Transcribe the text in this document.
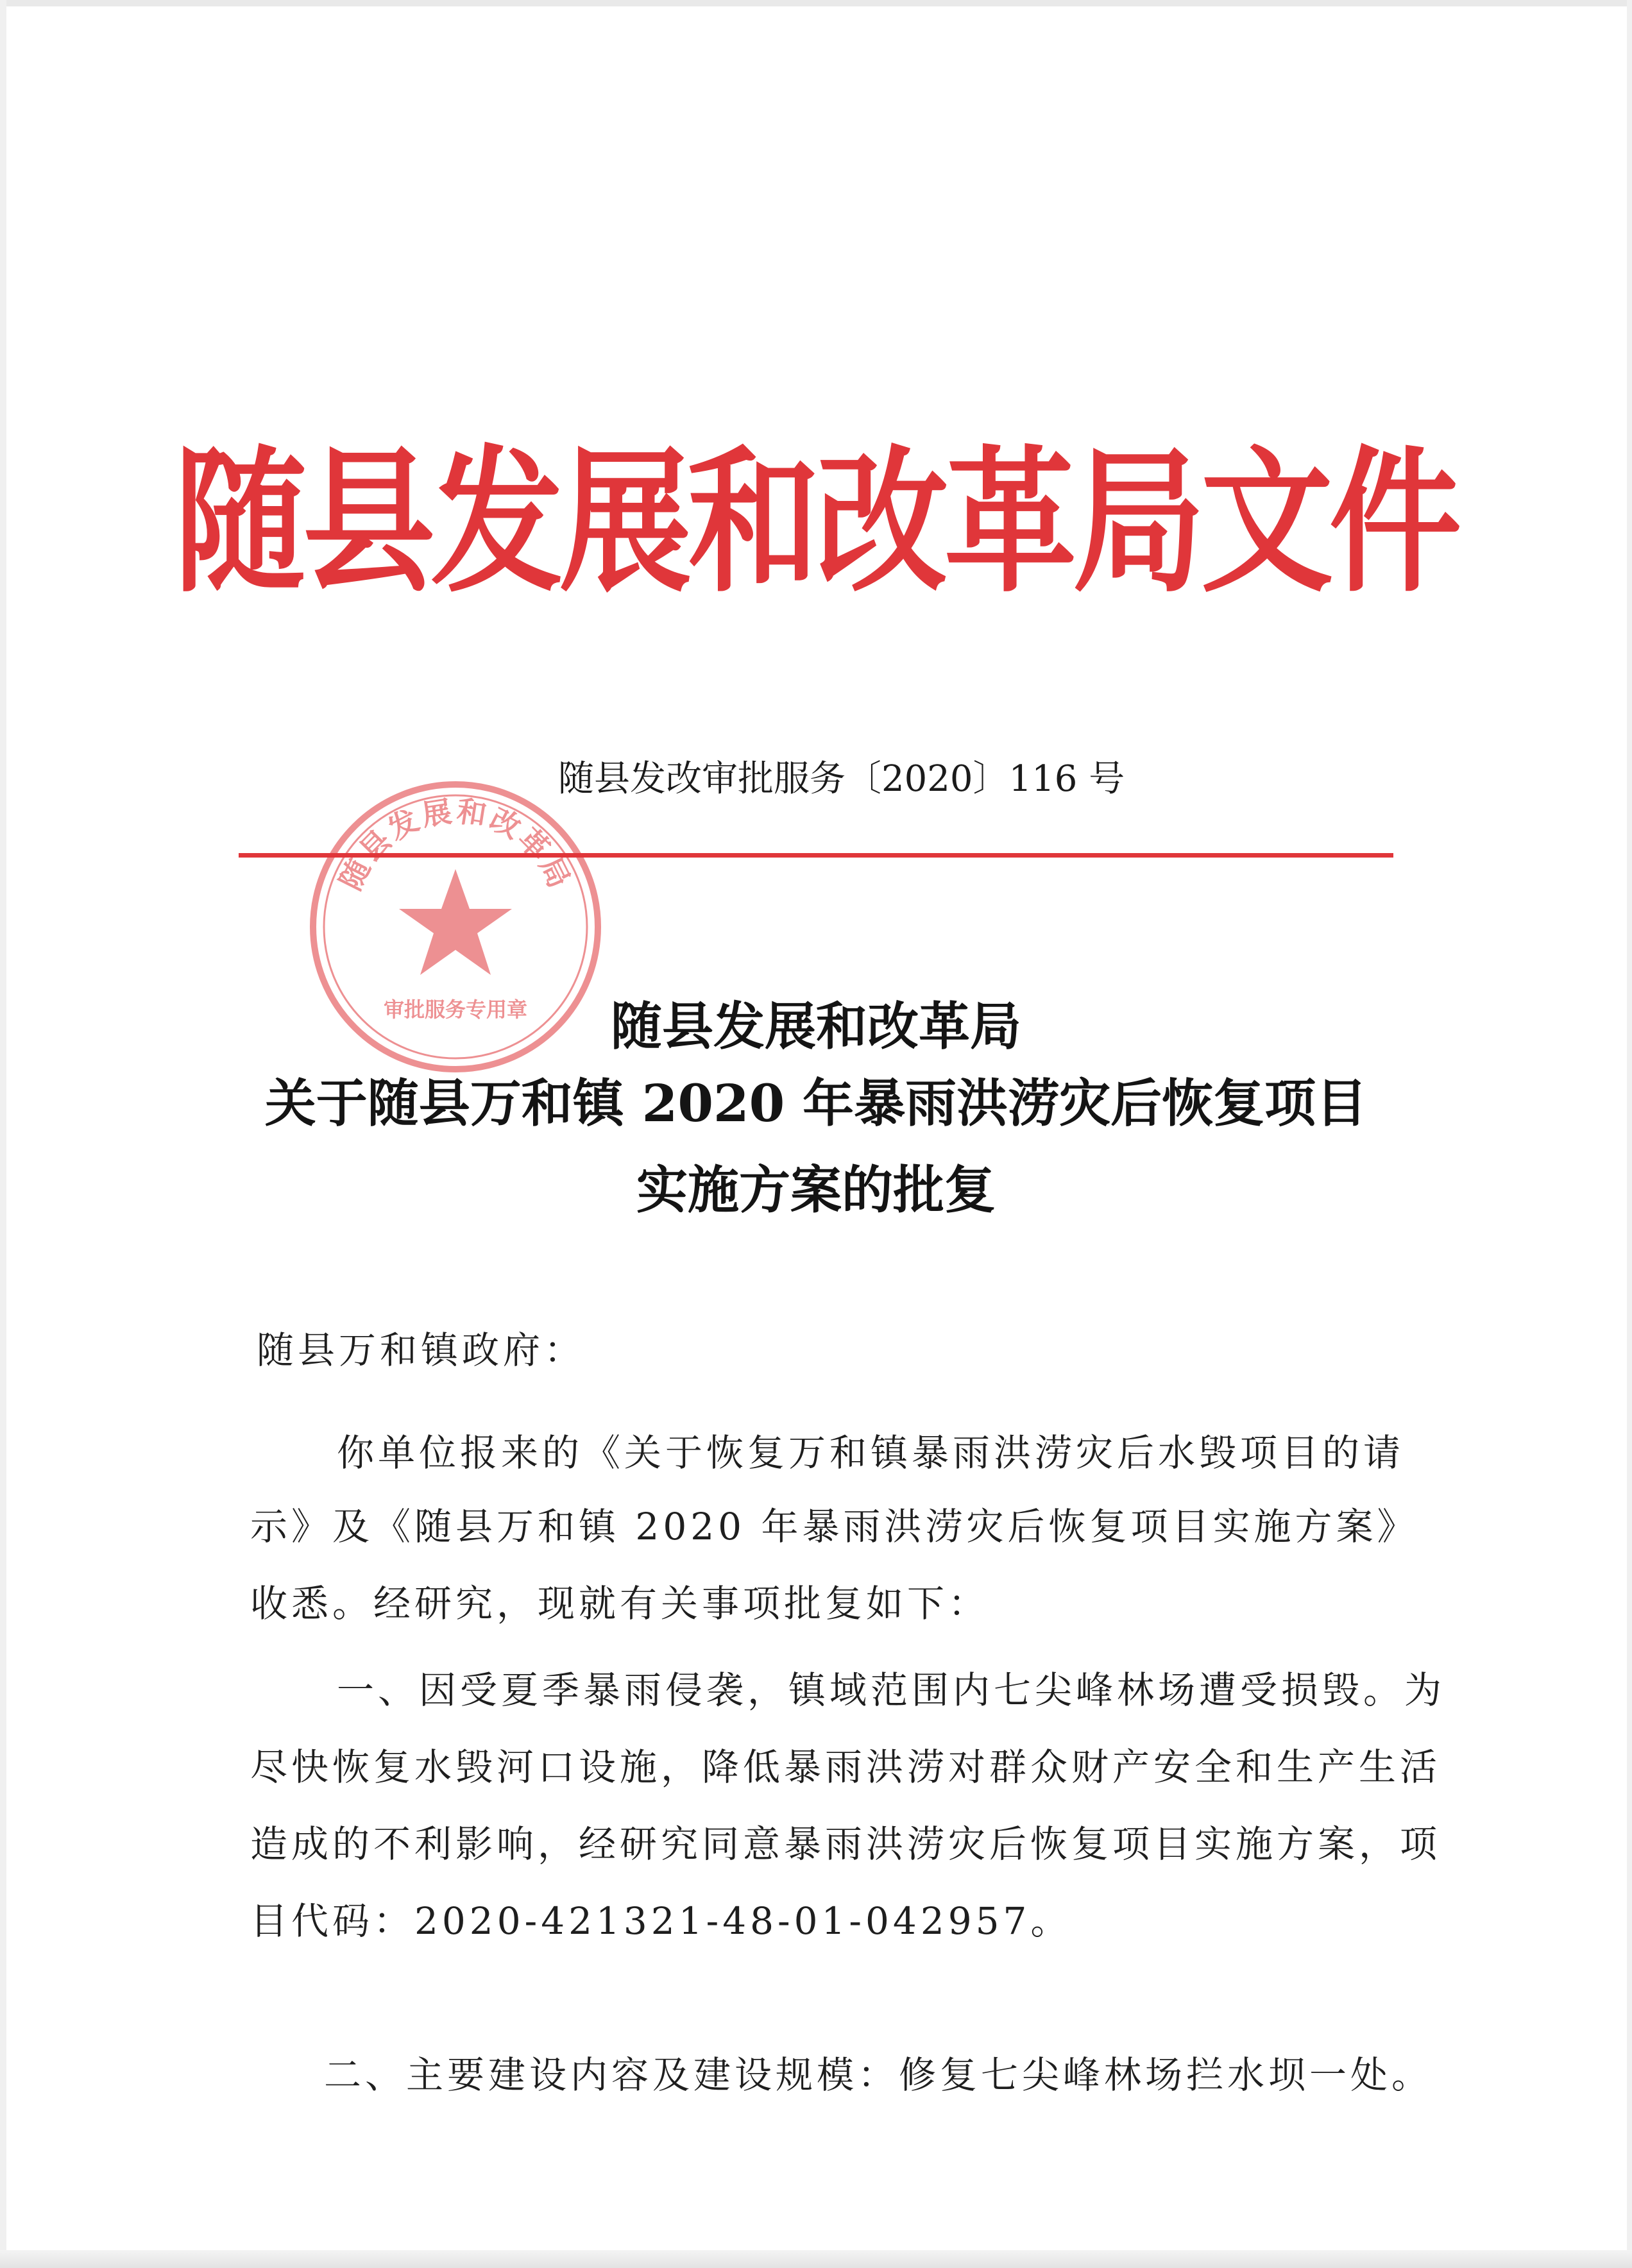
随县发展和改革局文件
随县发改审批服务〔2020〕116 号
随县发展和改革局
审批服务专用章	随县发展和改革局
关于随县万和镇 2020 年暴雨洪涝灾后恢复项目
实施方案的批复
随县万和镇政府：
你单位报来的《关于恢复万和镇暴雨洪涝灾后水毁项目的请
示》及《随县万和镇 2020 年暴雨洪涝灾后恢复项目实施方案》
收悉。经研究，现就有关事项批复如下：
一、因受夏季暴雨侵袭，镇域范围内七尖峰林场遭受损毁。为
尽快恢复水毁河口设施，降低暴雨洪涝对群众财产安全和生产生活
造成的不利影响，经研究同意暴雨洪涝灾后恢复项目实施方案，项
目代码：2020-421321-48-01-042957。
二、主要建设内容及建设规模：修复七尖峰林场拦水坝一处。
